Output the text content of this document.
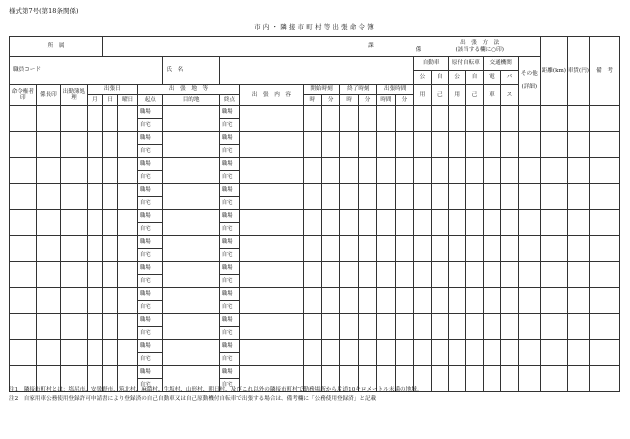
様式第7号(第18条関係)
市内・隣接市町村等出張命令簿
所　属				課												係
出　張　方　法
(該当する欄に○印)							距離(km)	車賃(円)	備　考
職員コード							氏　名									自動車		原付自転車		交通機関		その他

(詳細)			
																公	自	公	自	電	バ				
命令権者印	係長印	出勤簿処理	出張日			出　張　地　等			出　張　内　容	開始時刻		終了時刻		出張時間		用	己	用	己	車	ス				
			月	日	曜日	起点	目的地	終点		時	分	時	分	時間	分										
						職場		職場																	
						自宅		自宅																	
						職場		職場																	
						自宅		自宅																	
						職場		職場																	
						自宅		自宅																	
						職場		職場																	
						自宅		自宅																	
						職場		職場																	
						自宅		自宅																	
						職場		職場																	
						自宅		自宅																	
						職場		職場																	
						自宅		自宅																	
						職場		職場																	
						自宅		自宅																	
						職場		職場																	
						自宅		自宅																	
						職場		職場																	
						自宅		自宅																	
						職場		職場																	
						自宅		自宅																	
注1　隣接市町村とは：塩尻市、安曇野市、筑北村、麻績村、生坂村、山形村、朝日村、及びこれ以外の隣接市町村で勤務場所から片道10キロメートル未満の地域。
注2　自家用車公務使用登録許可申請書により登録済の自己自動車又は自己原動機付自転車で出張する場合は、備考欄に「公務使用登録済」と記載
